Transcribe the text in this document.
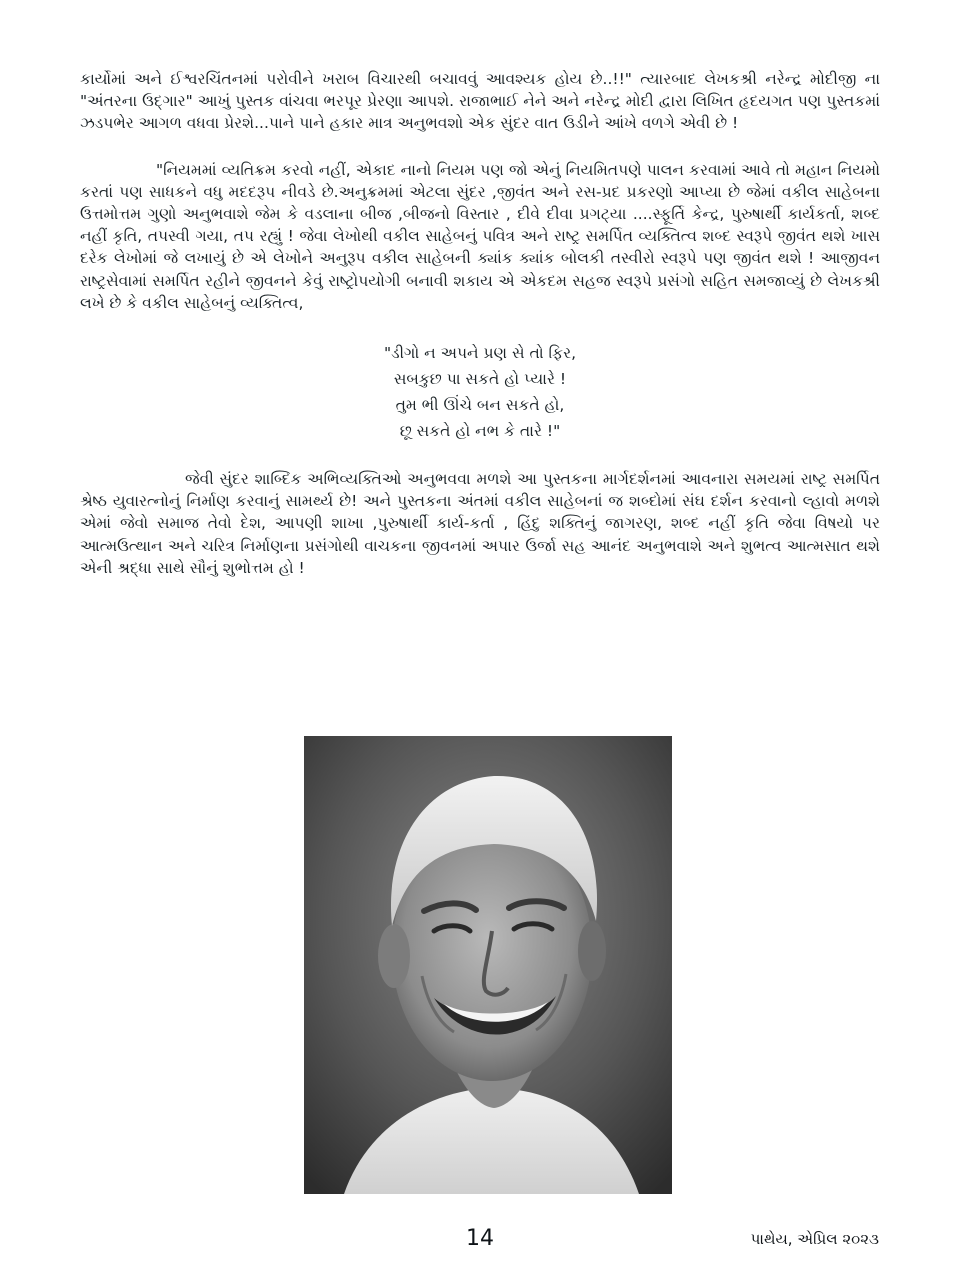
કાર્યોમાં અને ઈશ્વરચિંતનમાં પરોવીને ખરાબ વિચારથી બચાવવું આવશ્યક હોય છે..!!" ત્યારબાદ લેખકશ્રી નરેન્દ્ર મોદીજી ના "અંતરના ઉદ્ગાર" આખું પુસ્તક વાંચવા ભરપૂર પ્રેરણા આપશે. રાજાભાઈ નેને અને નરેન્દ્ર મોદી દ્વારા લિખિત હૃદયગત પણ પુસ્તકમાં ઝડપભેર આગળ વધવા પ્રેરશે...પાને પાને હકાર માત્ર અનુભવશો એક સુંદર વાત ઉડીને આંખે વળગે એવી છે !

"નિયમમાં વ્યતિક્રમ કરવો નહીં, એકાદ નાનો નિયમ પણ જો એનું નિયમિતપણે પાલન કરવામાં આવે તો મહાન નિયમો કરતાં પણ સાધકને વધુ મદદરૂપ નીવડે છે.અનુક્રમમાં એટલા સુંદર ,જીવંત અને રસ-પ્રદ પ્રકરણો આપ્યા છે જેમાં વકીલ સાહેબના ઉત્તમોત્તમ ગુણો અનુભવાશે જેમ કે વડલાના બીજ ,બીજનો વિસ્તાર , દીવે દીવા પ્રગટ્યા ....સ્ફૂર્તિ કેન્દ્ર, પુરુષાર્થી કાર્યકર્તા, શબ્દ નહીં કૃતિ, તપસ્વી ગયા, તપ રહ્યું ! જેવા લેખોથી વકીલ સાહેબનું પવિત્ર અને રાષ્ટ્ર સમર્પિત વ્યક્તિત્વ શબ્દ સ્વરૂપે જીવંત થશે ખાસ દરેક લેખોમાં જે લખાયું છે એ લેખોને અનુરૂપ વકીલ સાહેબની ક્યાંક ક્યાંક બોલકી તસ્વીરો સ્વરૂપે પણ જીવંત થશે ! આજીવન રાષ્ટ્રસેવામાં સમર્પિત રહીને જીવનને કેવું રાષ્ટ્રોપયોગી બનાવી શકાય એ એકદમ સહજ સ્વરૂપે પ્રસંગો સહિત સમજાવ્યું છે લેખકશ્રી લખે છે કે વકીલ સાહેબનું વ્યક્તિત્વ,

"ડીગો ન અપને પ્રણ સે તો ફિર,
સબકુછ પા સકતે હો પ્યારે !
તુમ ભી ઊંચે બન સકતે હો,
છૂ સકતે હો નભ કે તારે !"

જેવી સુંદર શાબ્દિક અભિવ્યક્તિઓ અનુભવવા મળશે આ પુસ્તકના માર્ગદર્શનમાં આવનારા સમયમાં રાષ્ટ્ર સમર્પિત શ્રેષ્ઠ યુવારત્નોનું નિર્માણ કરવાનું સામર્થ્ય છે! અને પુસ્તકના અંતમાં વકીલ સાહેબનાં જ શબ્દોમાં સંઘ દર્શન કરવાનો લ્હાવો મળશે એમાં જેવો સમાજ તેવો દેશ, આપણી શાખા ,પુરુષાર્થી કાર્ય-કર્તા , હિંદુ શક્તિનું જાગરણ, શબ્દ નહીં કૃતિ જેવા વિષયો પર આત્મઉત્થાન અને ચરિત્ર નિર્માણના પ્રસંગોથી વાચકના જીવનમાં અપાર ઉર્જા સહ આનંદ અનુભવાશે અને શુભત્વ આત્મસાત થશે એની શ્રદ્ધા સાથે સૌનું શુભોત્તમ હો !

14	પાથેય, એપ્રિલ ૨૦૨૩
